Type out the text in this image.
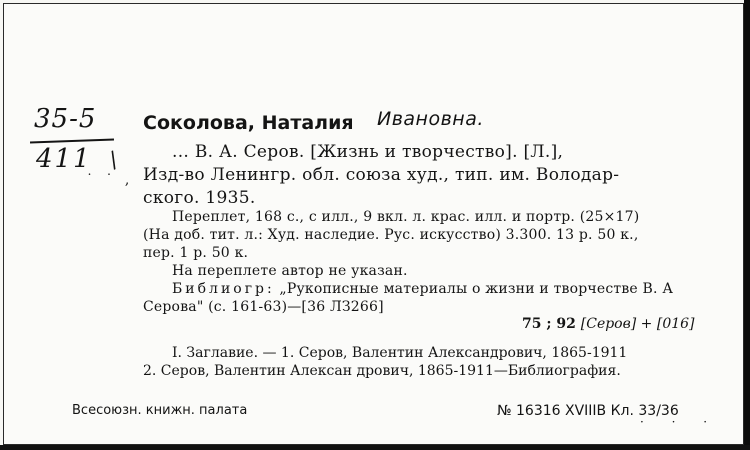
35-5
411 /
˙ ˙ ,
Соколова, Наталия Ивановна.
... В. А. Серов. [Жизнь и творчество]. [Л.],
Изд-во Ленингр. обл. союза худ., тип. им. Володар-
ского. 1935.
Переплет, 168 с., с илл., 9 вкл. л. крас. илл. и портр. (25×17)
(На доб. тит. л.: Худ. наследие. Рус. искусство) 3.300. 13 р. 50 к.,
пер. 1 р. 50 к.
На переплете автор не указан.
Библиогр: „Рукописные материалы о жизни и творчестве В. А
Серова" (с. 161-63)—[36 ЛЗ266]
75 ; 92 [Серов] + [016]
I. Заглавие. — 1. Серов, Валентин Александрович, 1865-1911
2. Серов, Валентин Алексан дрович, 1865-1911—Библиография.
Всесоюзн. книжн. палата	№ 16316 XVIIIB Кл. 33/36
· · ·
